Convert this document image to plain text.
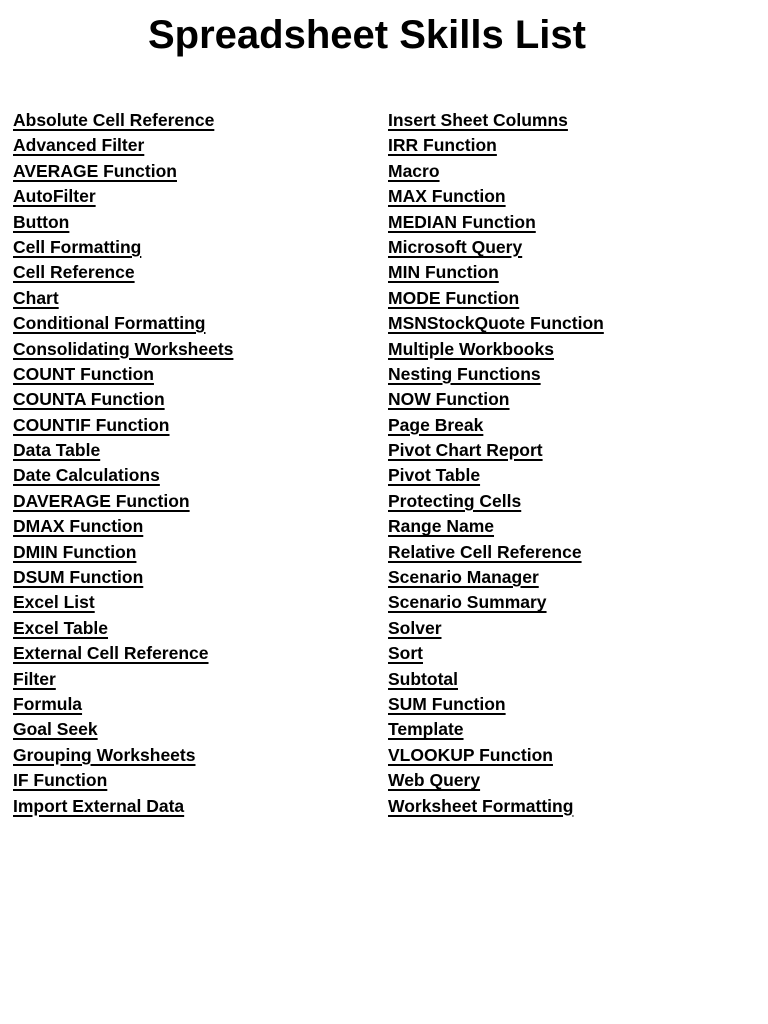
Spreadsheet Skills List
Absolute Cell Reference
Advanced Filter
AVERAGE Function
AutoFilter
Button
Cell Formatting
Cell Reference
Chart
Conditional Formatting
Consolidating Worksheets
COUNT Function
COUNTA Function
COUNTIF Function
Data Table
Date Calculations
DAVERAGE Function
DMAX Function
DMIN Function
DSUM Function
Excel List
Excel Table
External Cell Reference
Filter
Formula
Goal Seek
Grouping Worksheets
IF Function
Import External Data
Insert Sheet Columns
IRR Function
Macro
MAX Function
MEDIAN Function
Microsoft Query
MIN Function
MODE Function
MSNStockQuote Function
Multiple Workbooks
Nesting Functions
NOW Function
Page Break
Pivot Chart Report
Pivot Table
Protecting Cells
Range Name
Relative Cell Reference
Scenario Manager
Scenario Summary
Solver
Sort
Subtotal
SUM Function
Template
VLOOKUP Function
Web Query
Worksheet Formatting
